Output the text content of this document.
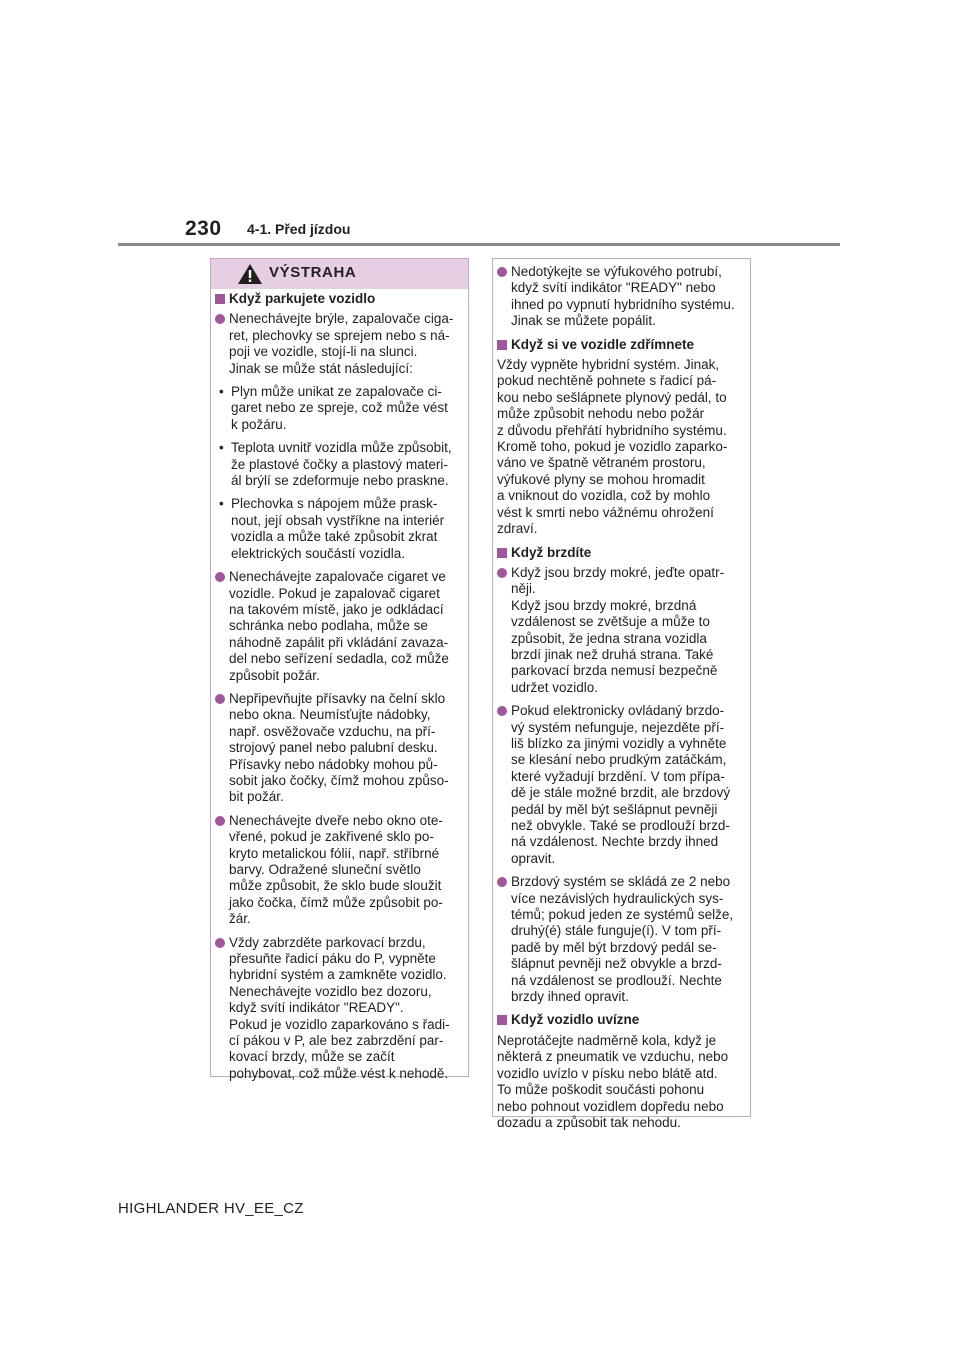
230 4-1. Před jízdou
VÝSTRAHA
Když parkujete vozidlo
Nenechávejte brýle, zapalovače ciga-
ret, plechovky se sprejem nebo s ná-
poji ve vozidle, stojí-li na slunci.
Jinak se může stát následující:
• Plyn může unikat ze zapalovače ci-
garet nebo ze spreje, což může vést
k požáru.
• Teplota uvnitř vozidla může způsobit,
že plastové čočky a plastový materi-
ál brýlí se zdeformuje nebo praskne.
• Plechovka s nápojem může prask-
nout, její obsah vystříkne na interiér
vozidla a může také způsobit zkrat
elektrických součástí vozidla.
Nenechávejte zapalovače cigaret ve
vozidle. Pokud je zapalovač cigaret
na takovém místě, jako je odkládací
schránka nebo podlaha, může se
náhodně zapálit při vkládání zavaza-
del nebo seřízení sedadla, což může
způsobit požár.
Nepřipevňujte přísavky na čelní sklo
nebo okna. Neumísťujte nádobky,
např. osvěžovače vzduchu, na pří-
strojový panel nebo palubní desku.
Přísavky nebo nádobky mohou pů-
sobit jako čočky, čímž mohou způso-
bit požár.
Nenechávejte dveře nebo okno ote-
vřené, pokud je zakřivené sklo po-
kryto metalickou fólií, např. stříbrné
barvy. Odražené sluneční světlo
může způsobit, že sklo bude sloužit
jako čočka, čímž může způsobit po-
žár.
Vždy zabrzděte parkovací brzdu,
přesuňte řadicí páku do P, vypněte
hybridní systém a zamkněte vozidlo.
Nenechávejte vozidlo bez dozoru,
když svítí indikátor "READY".
Pokud je vozidlo zaparkováno s řadi-
cí pákou v P, ale bez zabrzdění par-
kovací brzdy, může se začít
pohybovat, což může vést k nehodě.
Nedotýkejte se výfukového potrubí,
když svítí indikátor "READY" nebo
ihned po vypnutí hybridního systému.
Jinak se můžete popálit.
Když si ve vozidle zdřímnete
Vždy vypněte hybridní systém. Jinak,
pokud nechtěně pohnete s řadicí pá-
kou nebo sešlápnete plynový pedál, to
může způsobit nehodu nebo požár
z důvodu přehřátí hybridního systému.
Kromě toho, pokud je vozidlo zaparko-
váno ve špatně větraném prostoru,
výfukové plyny se mohou hromadit
a vniknout do vozidla, což by mohlo
vést k smrti nebo vážnému ohrožení
zdraví.
Když brzdíte
Když jsou brzdy mokré, jeďte opatr-
něji.
Když jsou brzdy mokré, brzdná
vzdálenost se zvětšuje a může to
způsobit, že jedna strana vozidla
brzdí jinak než druhá strana. Také
parkovací brzda nemusí bezpečně
udržet vozidlo.
Pokud elektronicky ovládaný brzdo-
vý systém nefunguje, nejezděte pří-
liš blízko za jinými vozidly a vyhněte
se klesání nebo prudkým zatáčkám,
které vyžadují brzdění. V tom přípa-
dě je stále možné brzdit, ale brzdový
pedál by měl být sešlápnut pevněji
než obvykle. Také se prodlouží brzd-
ná vzdálenost. Nechte brzdy ihned
opravit.
Brzdový systém se skládá ze 2 nebo
více nezávislých hydraulických sys-
témů; pokud jeden ze systémů selže,
druhý(é) stále funguje(í). V tom pří-
padě by měl být brzdový pedál se-
šlápnut pevněji než obvykle a brzd-
ná vzdálenost se prodlouží. Nechte
brzdy ihned opravit.
Když vozidlo uvízne
Neprotáčejte nadměrně kola, když je
některá z pneumatik ve vzduchu, nebo
vozidlo uvízlo v písku nebo blátě atd.
To může poškodit součásti pohonu
nebo pohnout vozidlem dopředu nebo
dozadu a způsobit tak nehodu.
HIGHLANDER HV_EE_CZ
